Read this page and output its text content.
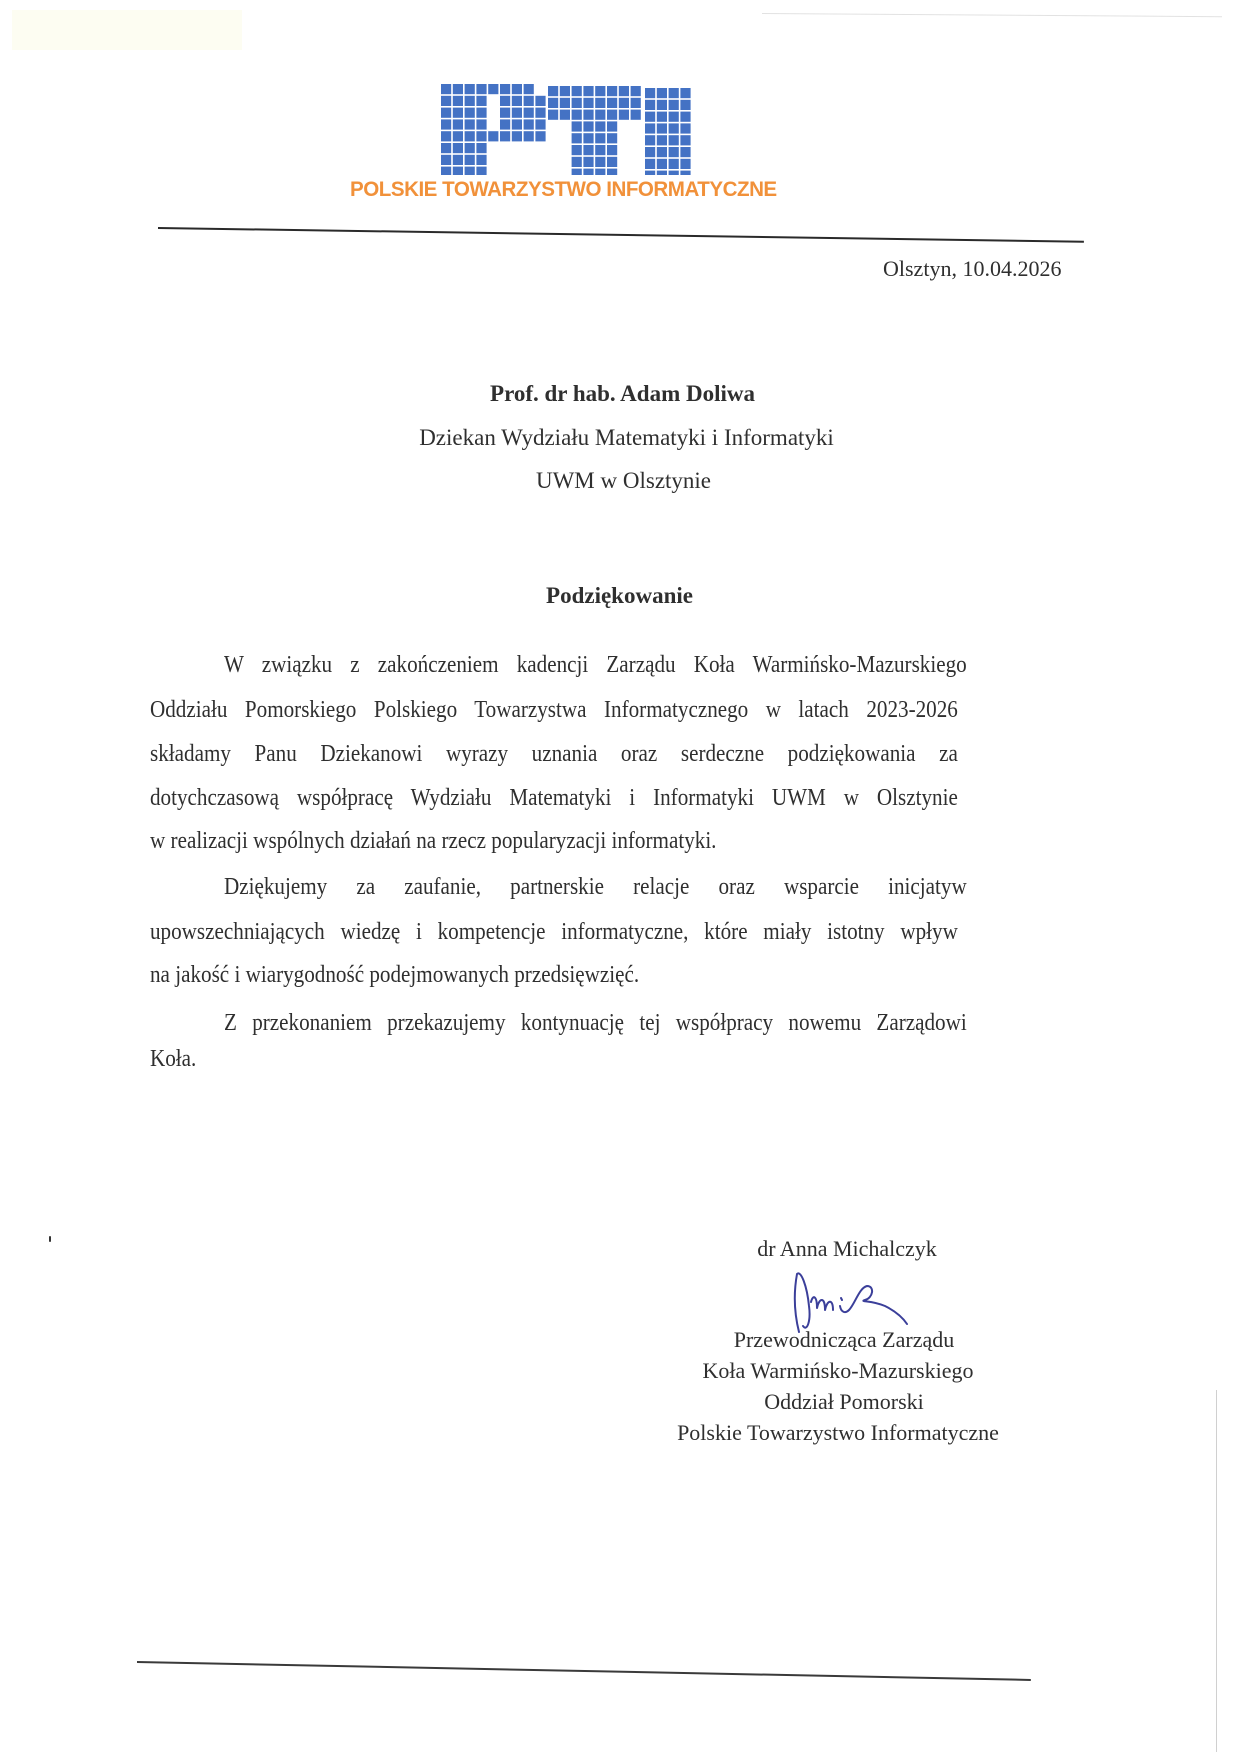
POLSKIE TOWARZYSTWO INFORMATYCZNE
Olsztyn, 10.04.2026
Prof. dr hab. Adam Doliwa
Dziekan Wydziału Matematyki i Informatyki
UWM w Olsztynie
Podziękowanie
W związku z zakończeniem kadencji Zarządu Koła Warmińsko-Mazurskiego
Oddziału Pomorskiego Polskiego Towarzystwa Informatycznego w latach 2023-2026
składamy Panu Dziekanowi wyrazy uznania oraz serdeczne podziękowania za
dotychczasową współpracę Wydziału Matematyki i Informatyki UWM w Olsztynie
w realizacji wspólnych działań na rzecz popularyzacji informatyki.
Dziękujemy za zaufanie, partnerskie relacje oraz wsparcie inicjatyw
upowszechniających wiedzę i kompetencje informatyczne, które miały istotny wpływ
na jakość i wiarygodność podejmowanych przedsięwzięć.
Z przekonaniem przekazujemy kontynuację tej współpracy nowemu Zarządowi
Koła.
dr Anna Michalczyk
Przewodnicząca Zarządu
Koła Warmińsko-Mazurskiego
Oddział Pomorski
Polskie Towarzystwo Informatyczne
